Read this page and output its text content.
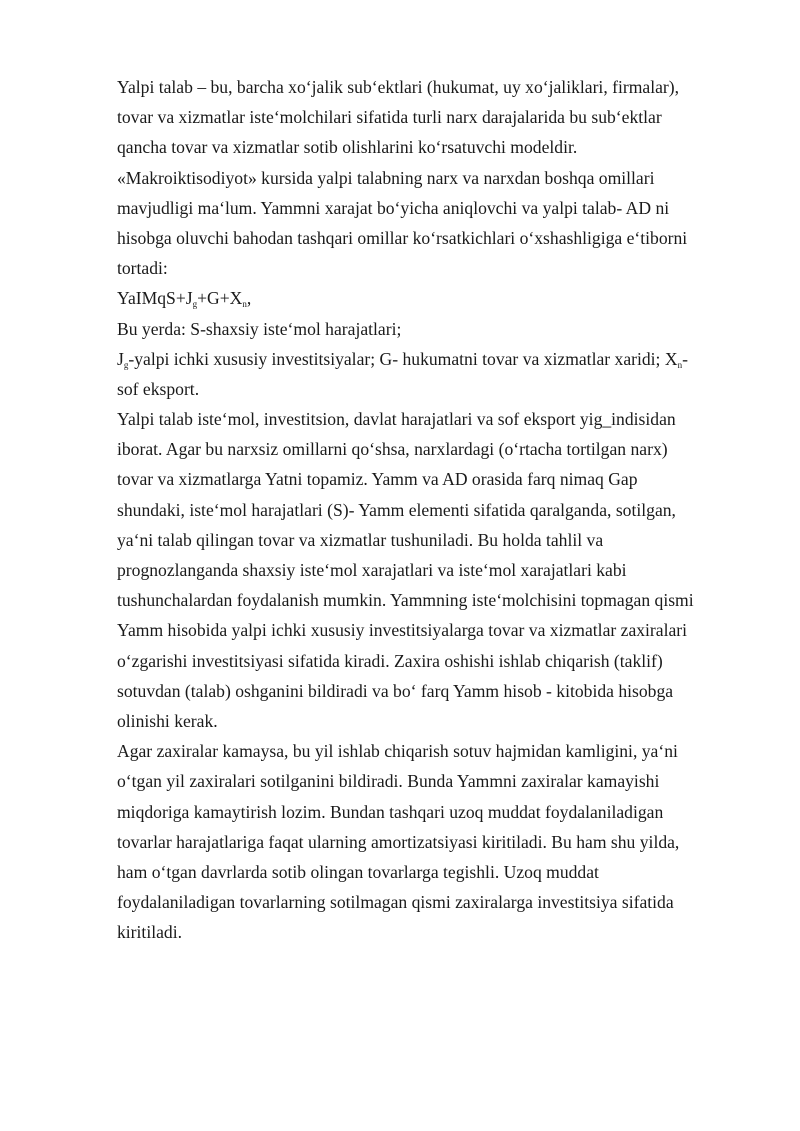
Yalpi talab – bu, barcha xo‘jalik sub‘ektlari (hukumat, uy xo‘jaliklari, firmalar),
tovar va xizmatlar iste‘molchilari sifatida turli narx darajalarida bu sub‘ektlar
qancha tovar va xizmatlar sotib olishlarini ko‘rsatuvchi modeldir.
«Makroiktisodiyot» kursida yalpi talabning narx va narxdan boshqa omillari
mavjudligi ma‘lum. Yammni xarajat bo‘yicha aniqlovchi va yalpi talab- AD ni
hisobga oluvchi bahodan tashqari omillar ko‘rsatkichlari o‘xshashligiga e‘tiborni
tortadi:
$YaIMqS+J_g+G+X_n$,
Bu yerda: S-shaxsiy iste‘mol harajatlari;
$J_g$-yalpi ichki xususiy investitsiyalar; G- hukumatni tovar va xizmatlar xaridi; $X_n-$
sof eksport.
Yalpi talab iste‘mol, investitsion, davlat harajatlari va sof eksport yig_indisidan
iborat. Agar bu narxsiz omillarni qo‘shsa, narxlardagi (o‘rtacha tortilgan narx)
tovar va xizmatlarga Yatni topamiz. Yamm va AD orasida farq nimaq Gap
shundaki, iste‘mol harajatlari (S)- Yamm elementi sifatida qaralganda, sotilgan,
ya‘ni talab qilingan tovar va xizmatlar tushuniladi. Bu holda tahlil va
prognozlanganda shaxsiy iste‘mol xarajatlari va iste‘mol xarajatlari kabi
tushunchalardan foydalanish mumkin. Yammning iste‘molchisini topmagan qismi
Yamm hisobida yalpi ichki xususiy investitsiyalarga tovar va xizmatlar zaxiralari
o‘zgarishi investitsiyasi sifatida kiradi. Zaxira oshishi ishlab chiqarish (taklif)
sotuvdan (talab) oshganini bildiradi va bo‘ farq Yamm hisob - kitobida hisobga
olinishi kerak.
Agar zaxiralar kamaysa, bu yil ishlab chiqarish sotuv hajmidan kamligini, ya‘ni
o‘tgan yil zaxiralari sotilganini bildiradi. Bunda Yammni zaxiralar kamayishi
miqdoriga kamaytirish lozim. Bundan tashqari uzoq muddat foydalaniladigan
tovarlar harajatlariga faqat ularning amortizatsiyasi kiritiladi. Bu ham shu yilda,
ham o‘tgan davrlarda sotib olingan tovarlarga tegishli. Uzoq muddat
foydalaniladigan tovarlarning sotilmagan qismi zaxiralarga investitsiya sifatida
kiritiladi.
